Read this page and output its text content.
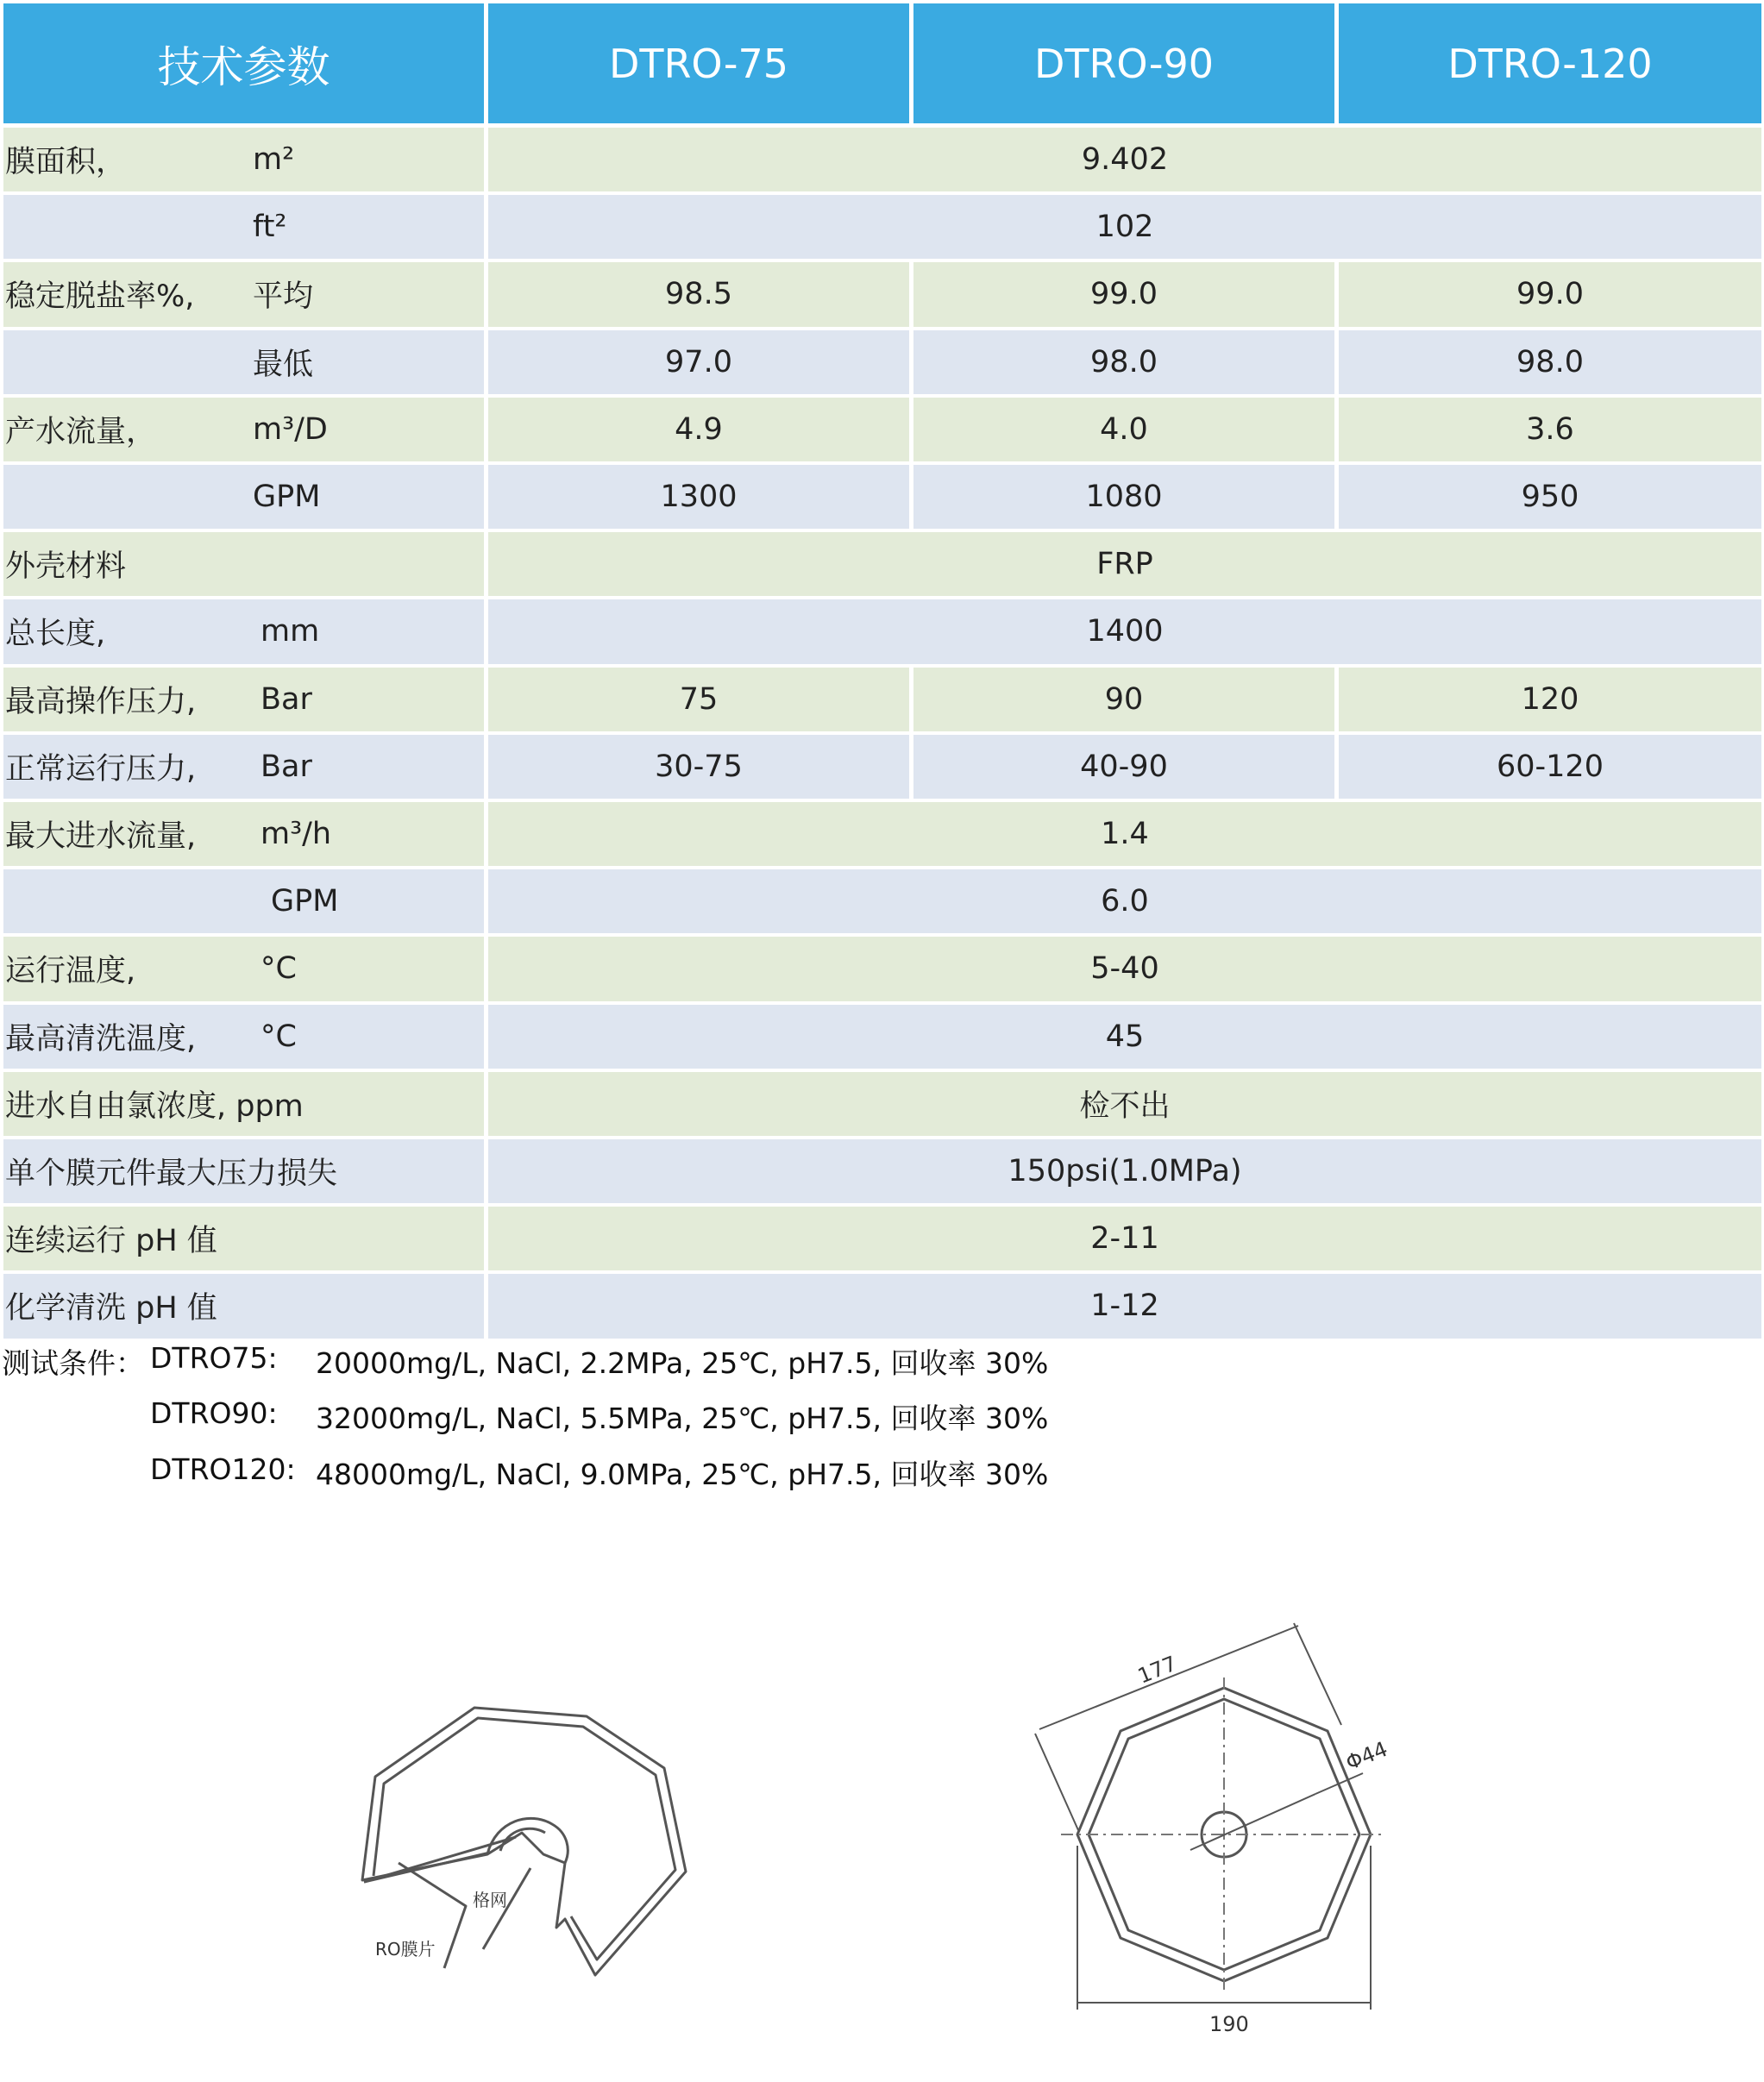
技术参数	DTRO-75	DTRO-90	DTRO-120
膜面积，	m²	9.402
ft²	102
稳定脱盐率%, 平均	98.5	99.0	99.0
最低	97.0	98.0	98.0
产水流量，	m³/D	4.9	4.0	3.6
GPM	1300	1080	950
外壳材料	FRP
总长度,	mm	1400
最高操作压力, Bar	75	90	120
正常运行压力, Bar	30-75	40-90	60-120
最大进水流量, m³/h	1.4
GPM	6.0
运行温度,	°C	5-40
最高清洗温度, °C	45
进水自由氯浓度, ppm	检不出
单个膜元件最大压力损失	150psi(1.0MPa)
连续运行 pH 值	2-11
化学清洗 pH 值	1-12
测试条件： DTRO75: 20000mg/L, NaCl, 2.2MPa, 25℃, pH7.5, 回收率 30%
DTRO90: 32000mg/L, NaCl, 5.5MPa, 25℃, pH7.5, 回收率 30%
DTRO120: 48000mg/L, NaCl, 9.0MPa, 25℃, pH7.5, 回收率 30%
格网
RO膜片
177
Φ44
190
